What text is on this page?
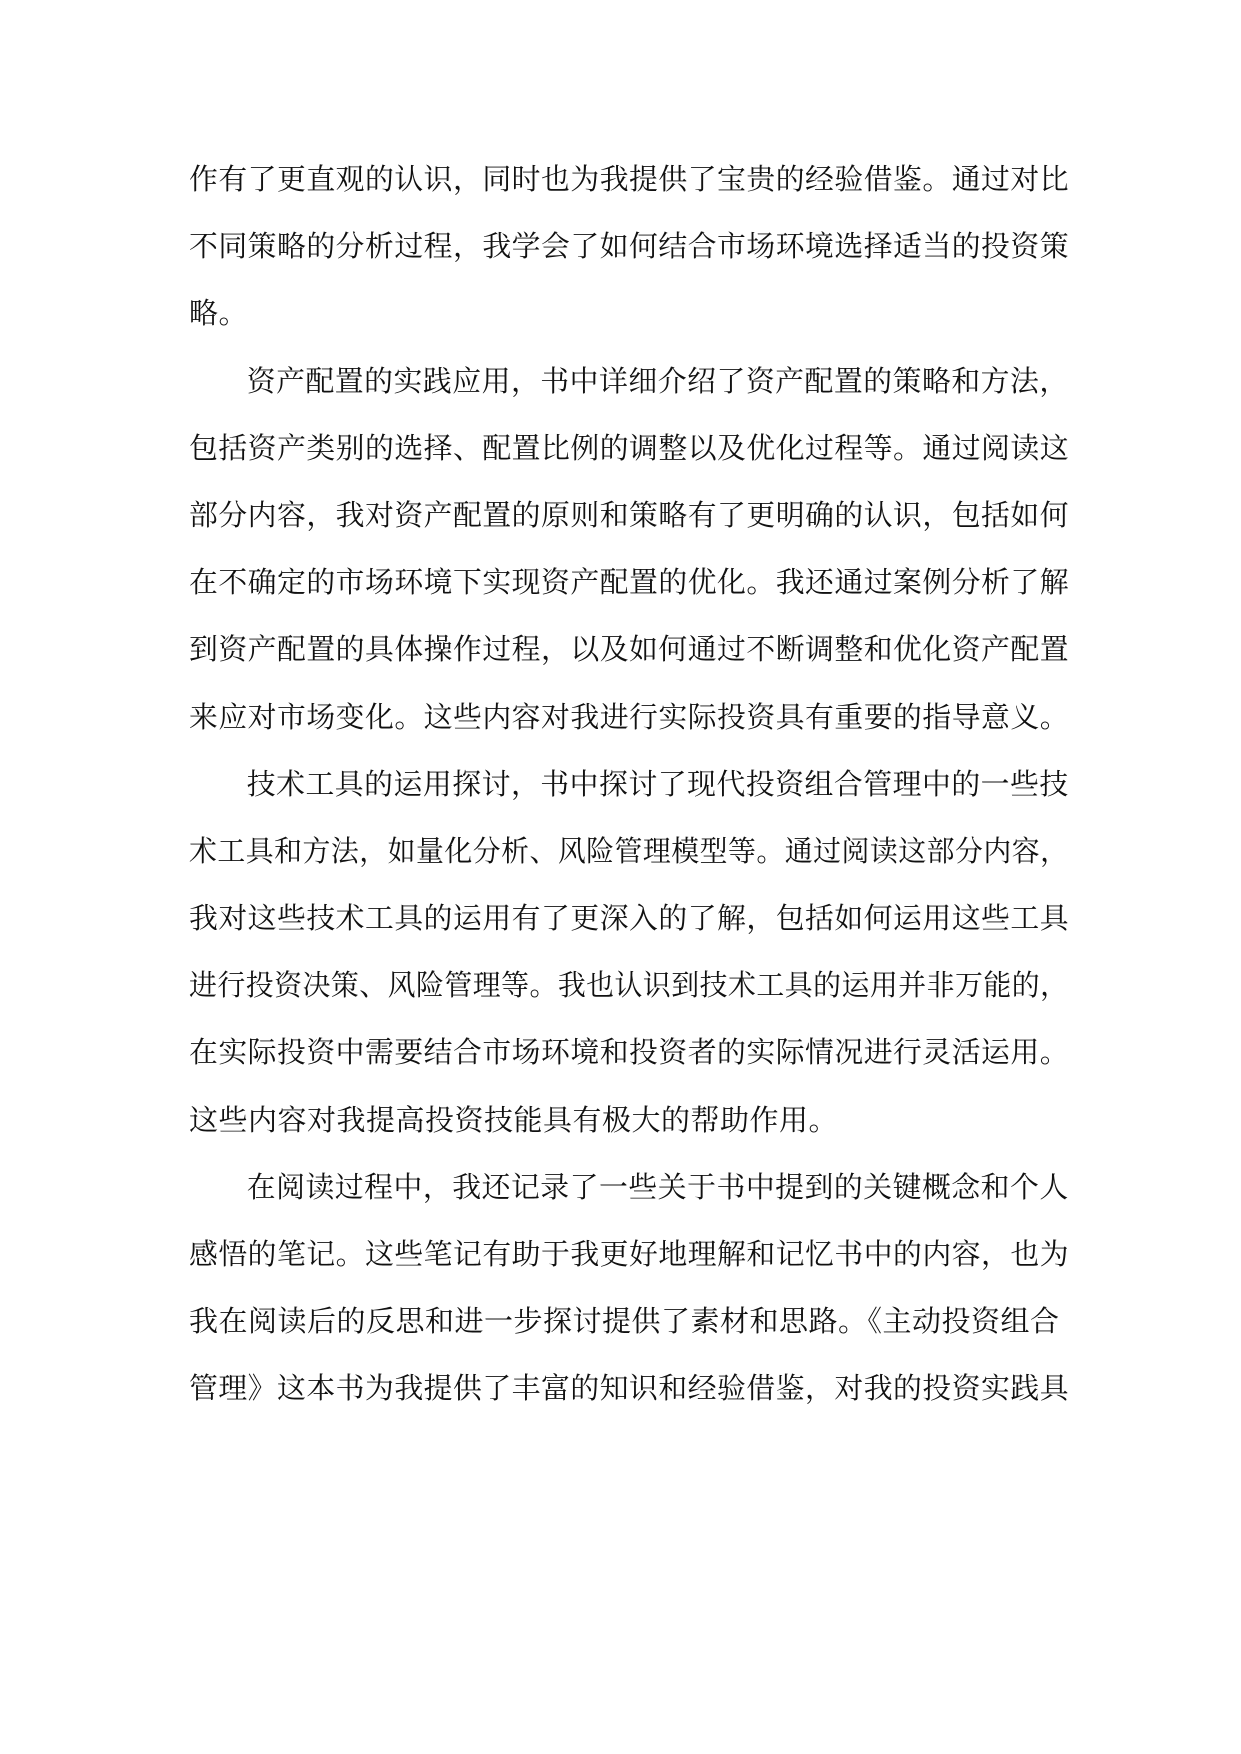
作有了更直观的认识，同时也为我提供了宝贵的经验借鉴。通过对比
不同策略的分析过程，我学会了如何结合市场环境选择适当的投资策
略。
资产配置的实践应用，书中详细介绍了资产配置的策略和方法，
包括资产类别的选择、配置比例的调整以及优化过程等。通过阅读这
部分内容，我对资产配置的原则和策略有了更明确的认识，包括如何
在不确定的市场环境下实现资产配置的优化。我还通过案例分析了解
到资产配置的具体操作过程，以及如何通过不断调整和优化资产配置
来应对市场变化。这些内容对我进行实际投资具有重要的指导意义。
技术工具的运用探讨，书中探讨了现代投资组合管理中的一些技
术工具和方法，如量化分析、风险管理模型等。通过阅读这部分内容，
我对这些技术工具的运用有了更深入的了解，包括如何运用这些工具
进行投资决策、风险管理等。我也认识到技术工具的运用并非万能的，
在实际投资中需要结合市场环境和投资者的实际情况进行灵活运用。
这些内容对我提高投资技能具有极大的帮助作用。
在阅读过程中，我还记录了一些关于书中提到的关键概念和个人
感悟的笔记。这些笔记有助于我更好地理解和记忆书中的内容，也为
我在阅读后的反思和进一步探讨提供了素材和思路。《主动投资组合
管理》这本书为我提供了丰富的知识和经验借鉴，对我的投资实践具
